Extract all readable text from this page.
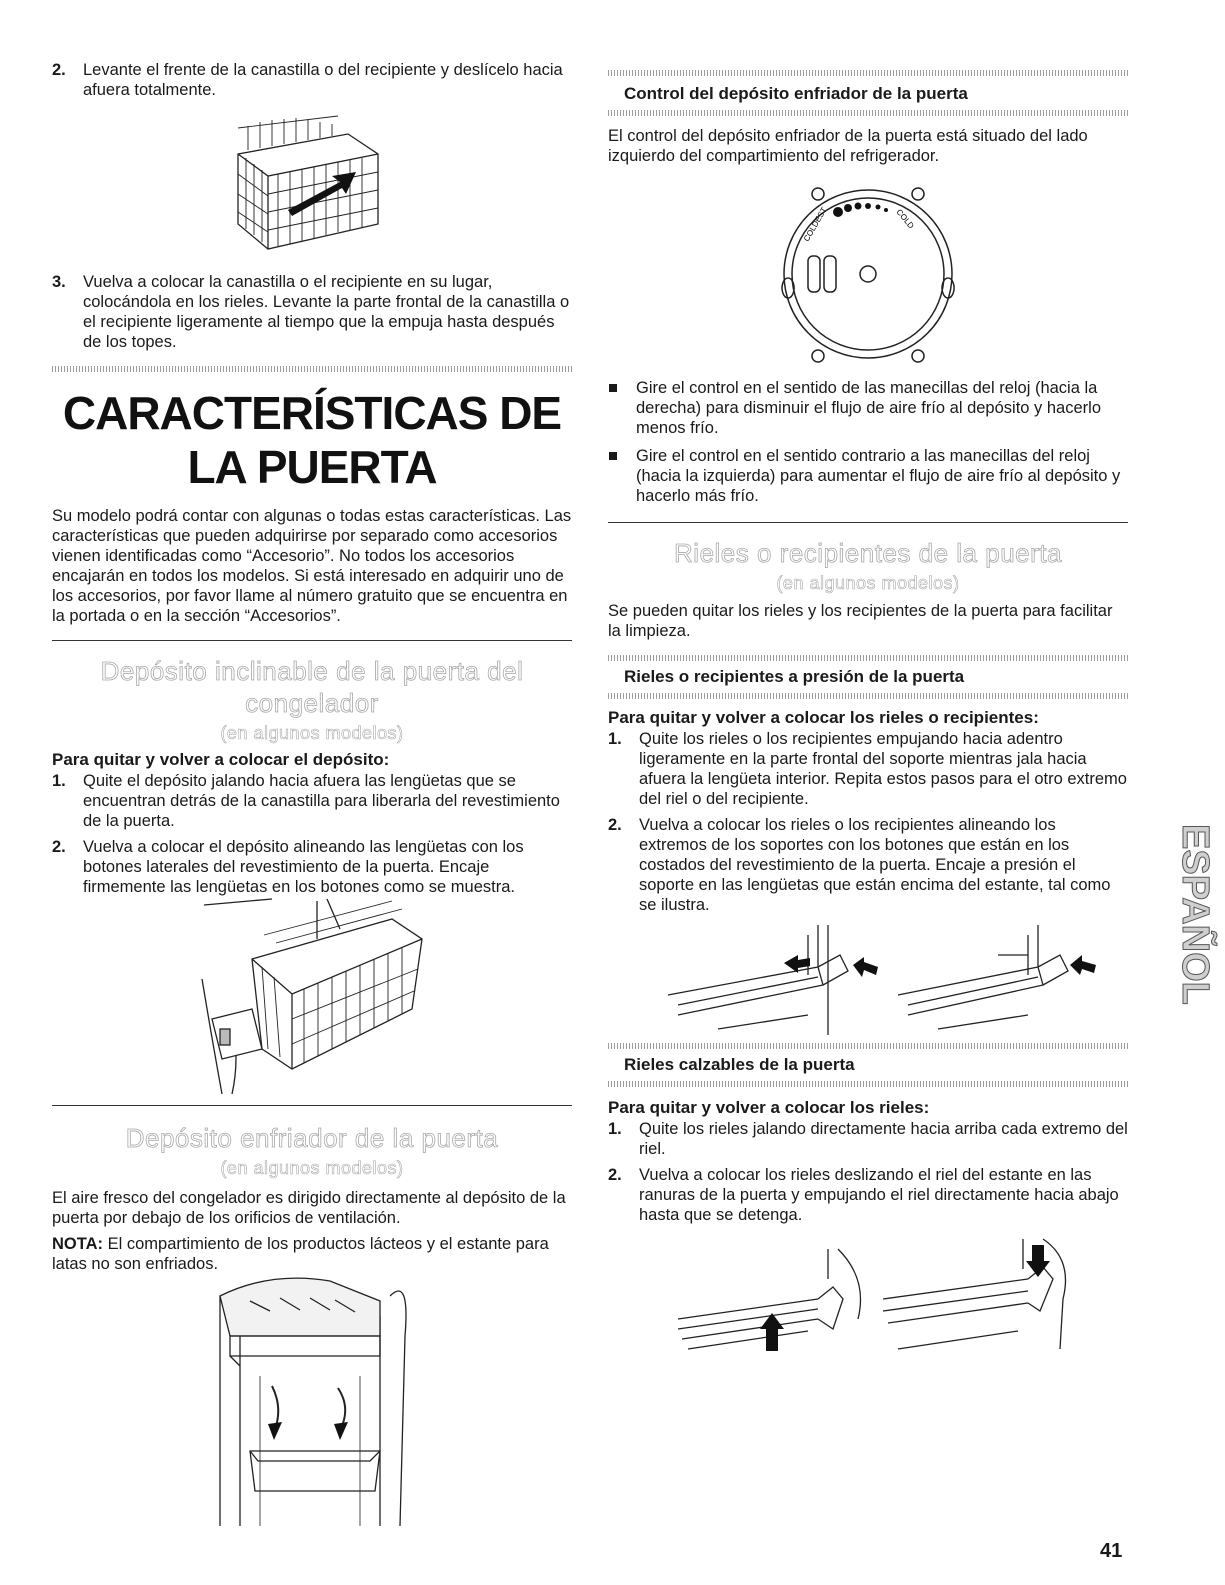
2. Levante el frente de la canastilla o del recipiente y deslícelo hacia afuera totalmente.
3. Vuelva a colocar la canastilla o el recipiente en su lugar, colocándola en los rieles. Levante la parte frontal de la canastilla o el recipiente ligeramente al tiempo que la empuja hasta después de los topes.
CARACTERÍSTICAS DE
LA PUERTA

Su modelo podrá contar con algunas o todas estas características. Las características que pueden adquirirse por separado como accesorios vienen identificadas como “Accesorio”. No todos los accesorios encajarán en todos los modelos. Si está interesado en adquirir uno de los accesorios, por favor llame al número gratuito que se encuentra en la portada o en la sección “Accesorios”.

Depósito inclinable de la puerta del
congelador
(en algunos modelos)
Para quitar y volver a colocar el depósito:
1. Quite el depósito jalando hacia afuera las lengüetas que se encuentran detrás de la canastilla para liberarla del revestimiento de la puerta.
2. Vuelva a colocar el depósito alineando las lengüetas con los botones laterales del revestimiento de la puerta. Encaje firmemente las lengüetas en los botones como se muestra.
Depósito enfriador de la puerta
(en algunos modelos)

El aire fresco del congelador es dirigido directamente al depósito de la puerta por debajo de los orificios de ventilación.

NOTA: El compartimiento de los productos lácteos y el estante para latas no son enfriados.

Control del depósito enfriador de la puerta

El control del depósito enfriador de la puerta está situado del lado izquierdo del compartimiento del refrigerador.

COLDEST	COLD
Gire el control en el sentido de las manecillas del reloj (hacia la derecha) para disminuir el flujo de aire frío al depósito y hacerlo menos frío.
Gire el control en el sentido contrario a las manecillas del reloj (hacia la izquierda) para aumentar el flujo de aire frío al depósito y hacerlo más frío.
Rieles o recipientes de la puerta
(en algunos modelos)

Se pueden quitar los rieles y los recipientes de la puerta para facilitar la limpieza.

Rieles o recipientes a presión de la puerta
Para quitar y volver a colocar los rieles o recipientes:
1. Quite los rieles o los recipientes empujando hacia adentro ligeramente en la parte frontal del soporte mientras jala hacia afuera la lengüeta interior. Repita estos pasos para el otro extremo del riel o del recipiente.
2. Vuelva a colocar los rieles o los recipientes alineando los extremos de los soportes con los botones que están en los costados del revestimiento de la puerta. Encaje a presión el soporte en las lengüetas que están encima del estante, tal como se ilustra.
Rieles calzables de la puerta
Para quitar y volver a colocar los rieles:
1. Quite los rieles jalando directamente hacia arriba cada extremo del riel.
2. Vuelva a colocar los rieles deslizando el riel del estante en las ranuras de la puerta y empujando el riel directamente hacia abajo hasta que se detenga.
ESPAÑOL
41
